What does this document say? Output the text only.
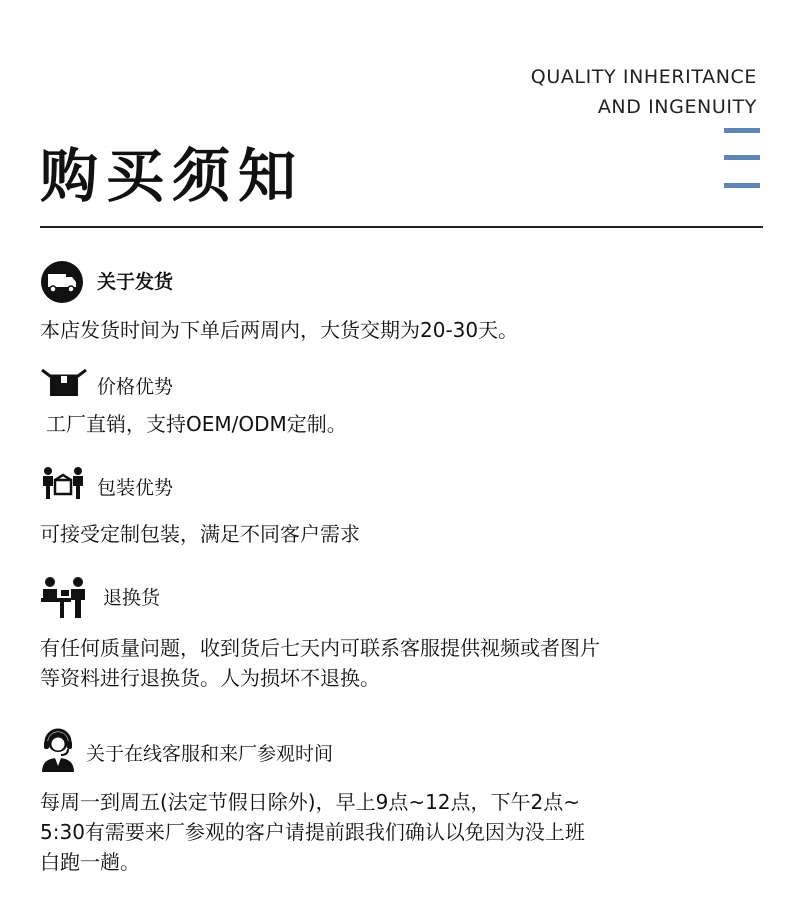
QUALITY INHERITANCE
AND INGENUITY
购买须知
关于发货
本店发货时间为下单后两周内，大货交期为20-30天。
价格优势
工厂直销，支持OEM/ODM定制。
包装优势
可接受定制包装，满足不同客户需求
退换货
有任何质量问题，收到货后七天内可联系客服提供视频或者图片
等资料进行退换货。人为损坏不退换。
关于在线客服和来厂参观时间
每周一到周五(法定节假日除外)，早上9点~12点，下午2点~
5:30有需要来厂参观的客户请提前跟我们确认以免因为没上班
白跑一趟。
